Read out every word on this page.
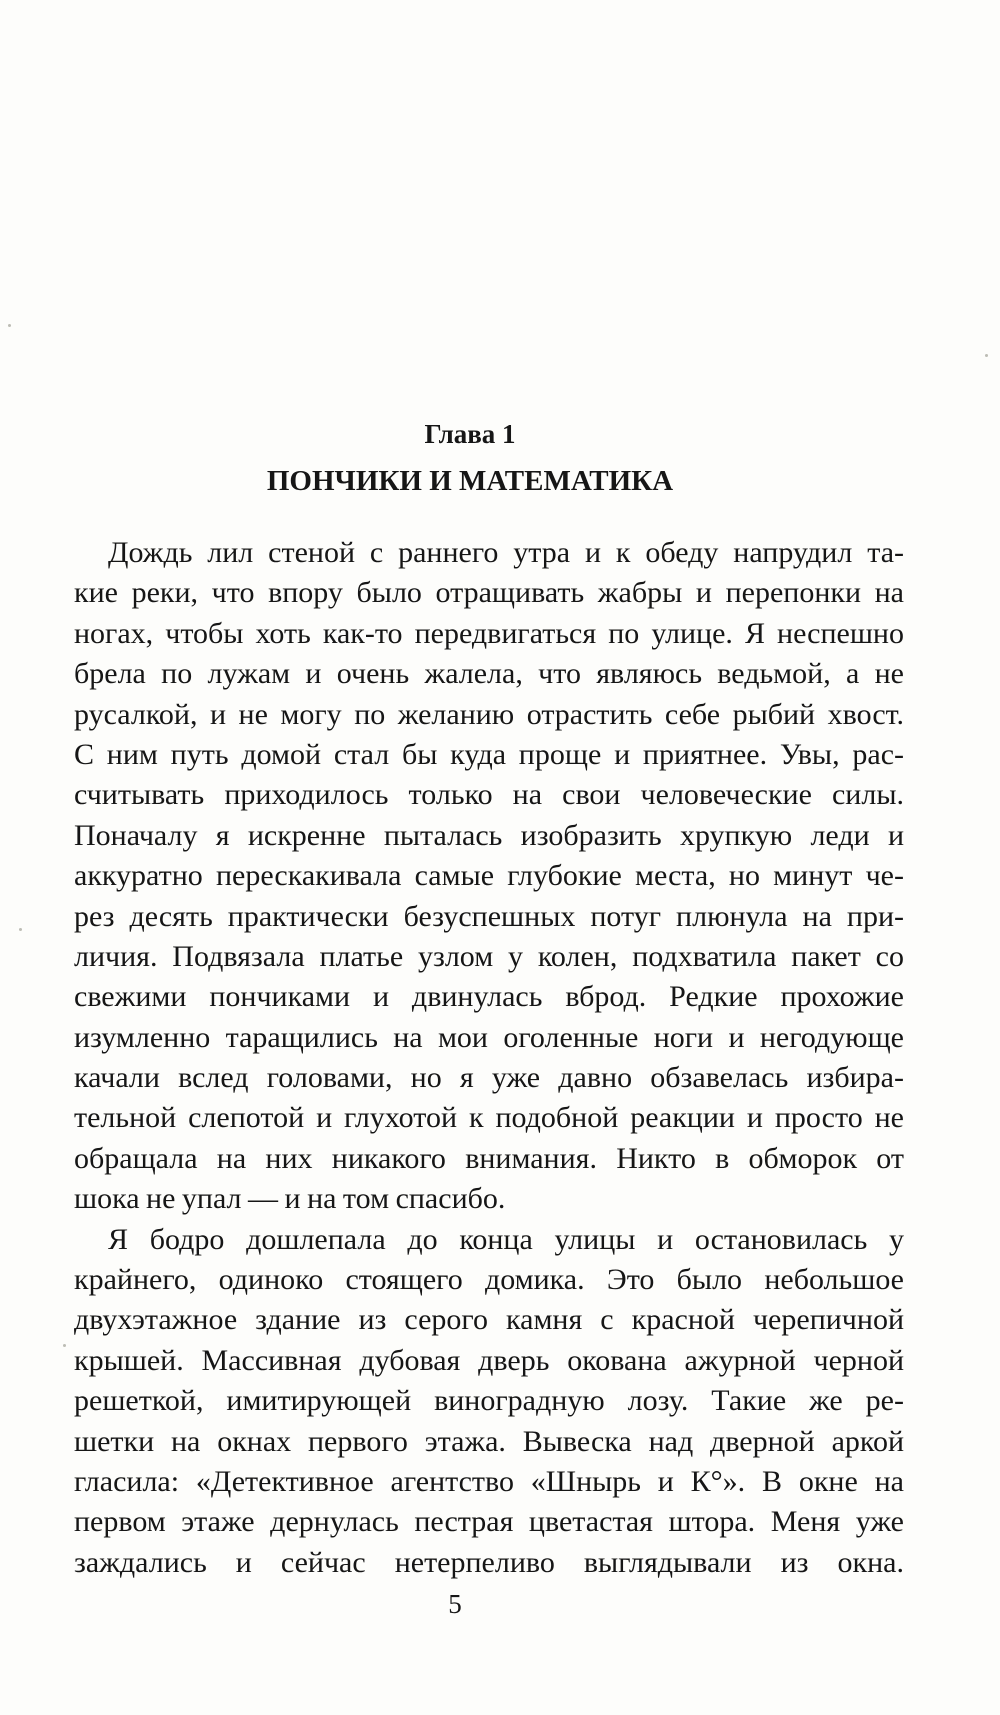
Глава 1
ПОНЧИКИ И МАТЕМАТИКА
Дождь лил стеной с раннего утра и к обеду напрудил та-
кие реки, что впору было отращивать жабры и перепонки на
ногах, чтобы хоть как-то передвигаться по улице. Я неспешно
брела по лужам и очень жалела, что являюсь ведьмой, а не
русалкой, и не могу по желанию отрастить себе рыбий хвост.
С ним путь домой стал бы куда проще и приятнее. Увы, рас-
считывать приходилось только на свои человеческие силы.
Поначалу я искренне пыталась изобразить хрупкую леди и
аккуратно перескакивала самые глубокие места, но минут че-
рез десять практически безуспешных потуг плюнула на при-
личия. Подвязала платье узлом у колен, подхватила пакет со
свежими пончиками и двинулась вброд. Редкие прохожие
изумленно таращились на мои оголенные ноги и негодующе
качали вслед головами, но я уже давно обзавелась избира-
тельной слепотой и глухотой к подобной реакции и просто не
обращала на них никакого внимания. Никто в обморок от
шока не упал — и на том спасибо.
Я бодро дошлепала до конца улицы и остановилась у
крайнего, одиноко стоящего домика. Это было небольшое
двухэтажное здание из серого камня с красной черепичной
крышей. Массивная дубовая дверь окована ажурной черной
решеткой, имитирующей виноградную лозу. Такие же ре-
шетки на окнах первого этажа. Вывеска над дверной аркой
гласила: «Детективное агентство «Шнырь и К°». В окне на
первом этаже дернулась пестрая цветастая штора. Меня уже
заждались и сейчас нетерпеливо выглядывали из окна.
5
